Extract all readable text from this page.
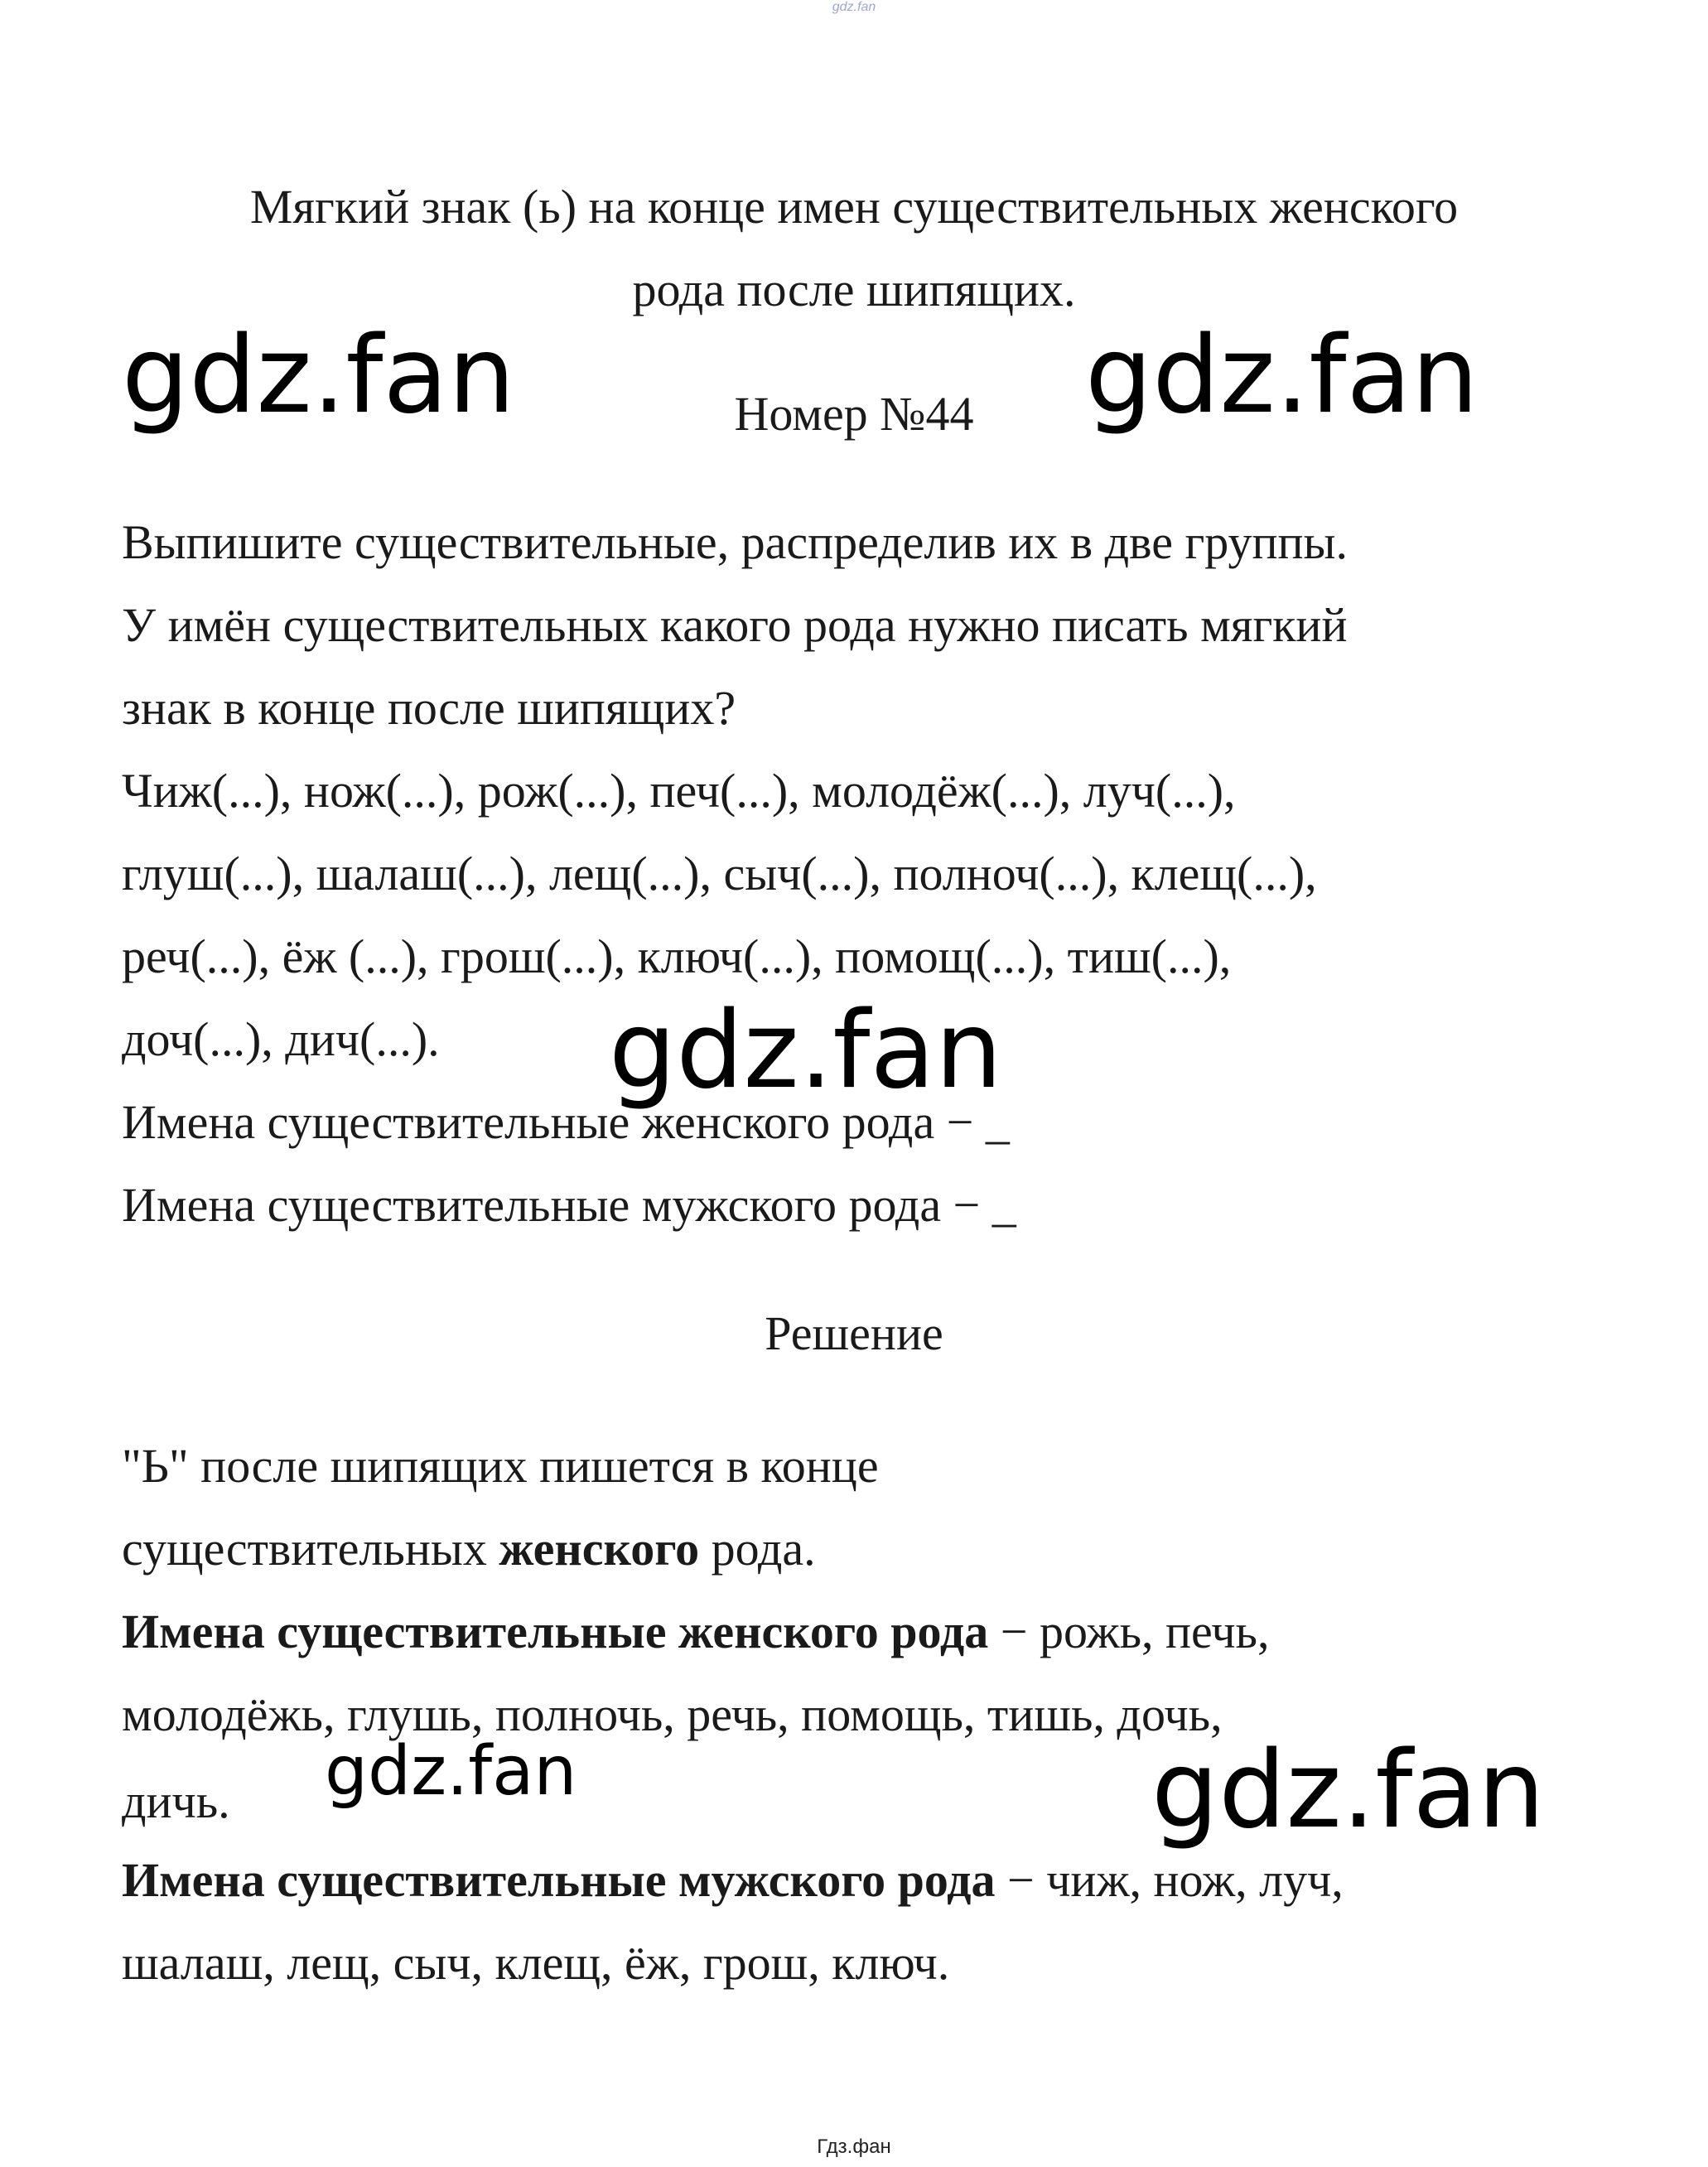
gdz.fan
Мягкий знак (ь) на конце имен существительных женского
рода после шипящих.
gdz.fan	Номер №44	gdz.fan
Выпишите существительные, распределив их в две группы.
У имён существительных какого рода нужно писать мягкий
знак в конце после шипящих?
Чиж(...), нож(...), рож(...), печ(...), молодёж(...), луч(...),
глуш(...), шалаш(...), лещ(...), сыч(...), полноч(...), клещ(...),
реч(...), ёж (...), грош(...), ключ(...), помощ(...), тиш(...),
доч(...), дич(...).
Имена существительные женского рода − _
Имена существительные мужского рода − _
gdz.fan
Решение
"Ь" после шипящих пишется в конце
существительных женского рода.
Имена существительные женского рода − рожь, печь,
молодёжь, глушь, полночь, речь, помощь, тишь, дочь,
дичь.
Имена существительные мужского рода − чиж, нож, луч,
шалаш, лещ, сыч, клещ, ёж, грош, ключ.
gdz.fan	gdz.fan
Гдз.фан
